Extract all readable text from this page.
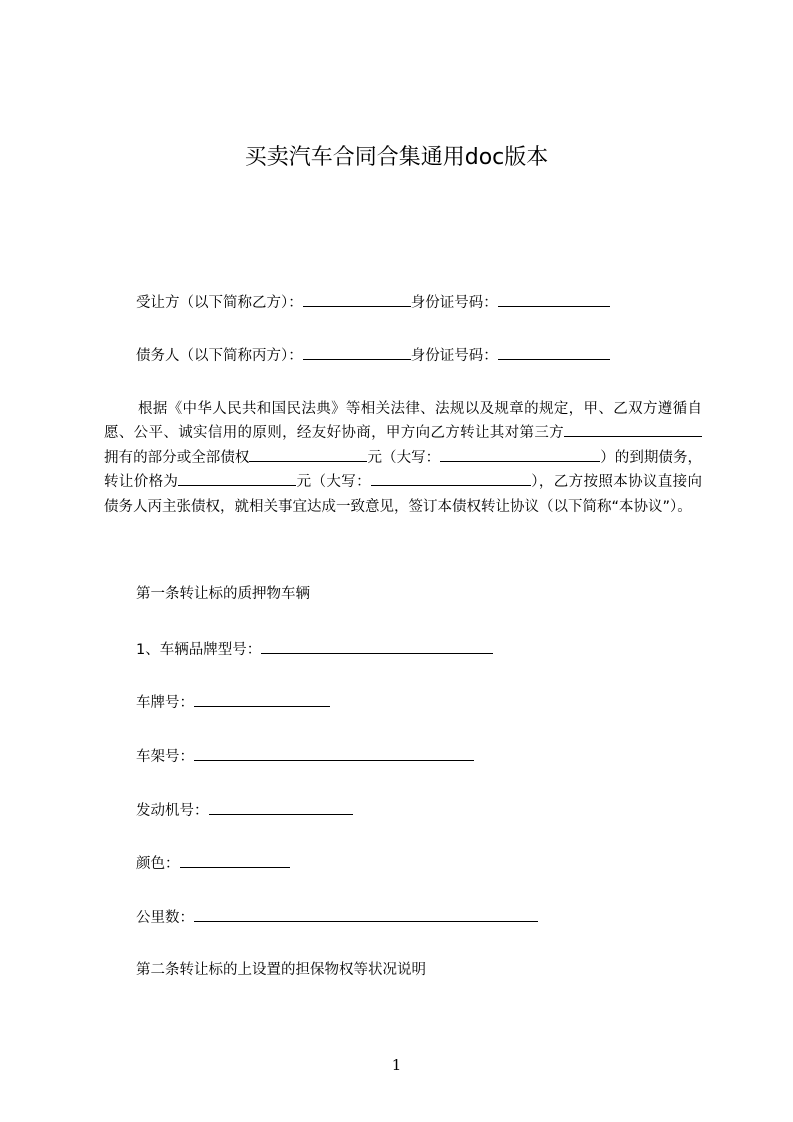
买卖汽车合同合集通用doc版本
受让方（以下简称乙方）：	身份证号码：
债务人（以下简称丙方）：	身份证号码：
根据《中华人民共和国民法典》等相关法律、法规以及规章的规定，甲、乙双方遵循自愿、公平、诚实信用的原则，经友好协商，甲方向乙方转让其对第三方拥有的部分或全部债权	元（大写：	）的到期债务，转让价格为	元（大写：	），乙方按照本协议直接向债务人丙主张债权，就相关事宜达成一致意见，签订本债权转让协议（以下简称“本协议”）。
第一条转让标的质押物车辆
1、车辆品牌型号：
车牌号：
车架号：
发动机号：
颜色：
公里数：
第二条转让标的上设置的担保物权等状况说明
1
